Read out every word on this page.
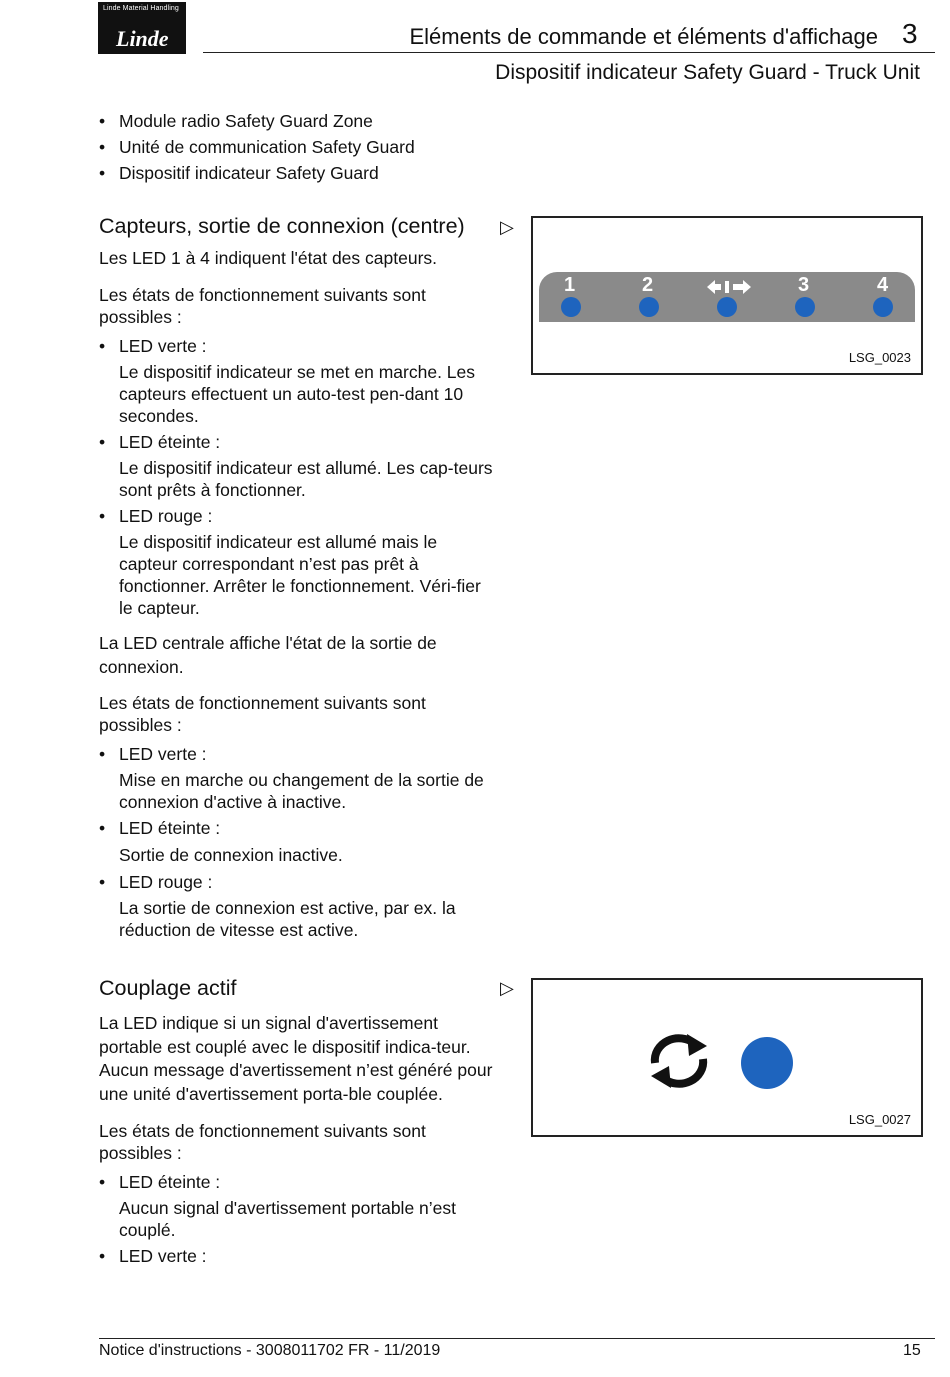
Linde Material Handling
Linde	Eléments de commande et éléments d'affichage 3
Dispositif indicateur Safety Guard - Truck Unit

• Module radio Safety Guard Zone

• Unité de communication Safety Guard

• Dispositif indicateur Safety Guard

Capteurs, sortie de connexion (centre)

Les LED 1 à 4 indiquent l'état des capteurs.

Les états de fonctionnement suivants sont possibles :

• LED verte :

Le dispositif indicateur se met en marche. Les capteurs effectuent un auto-test pen-dant 10 secondes.

• LED éteinte :

Le dispositif indicateur est allumé. Les cap-teurs sont prêts à fonctionner.

• LED rouge :

Le dispositif indicateur est allumé mais le capteur correspondant n’est pas prêt à fonctionner. Arrêter le fonctionnement. Véri-fier le capteur.

La LED centrale affiche l'état de la sortie de connexion.

Les états de fonctionnement suivants sont possibles :

• LED verte :

Mise en marche ou changement de la sortie de connexion d'active à inactive.

• LED éteinte :

Sortie de connexion inactive.

• LED rouge :

La sortie de connexion est active, par ex. la réduction de vitesse est active.

▷
1	2	3	4
LSG_0023
Couplage actif

La LED indique si un signal d'avertissement portable est couplé avec le dispositif indica-teur. Aucun message d'avertissement n’est généré pour une unité d'avertissement porta-ble couplée.

Les états de fonctionnement suivants sont possibles :

• LED éteinte :

Aucun signal d'avertissement portable n’est couplé.

• LED verte :

▷
LSG_0027
Notice d'instructions - 3008011702 FR - 11/2019	15
